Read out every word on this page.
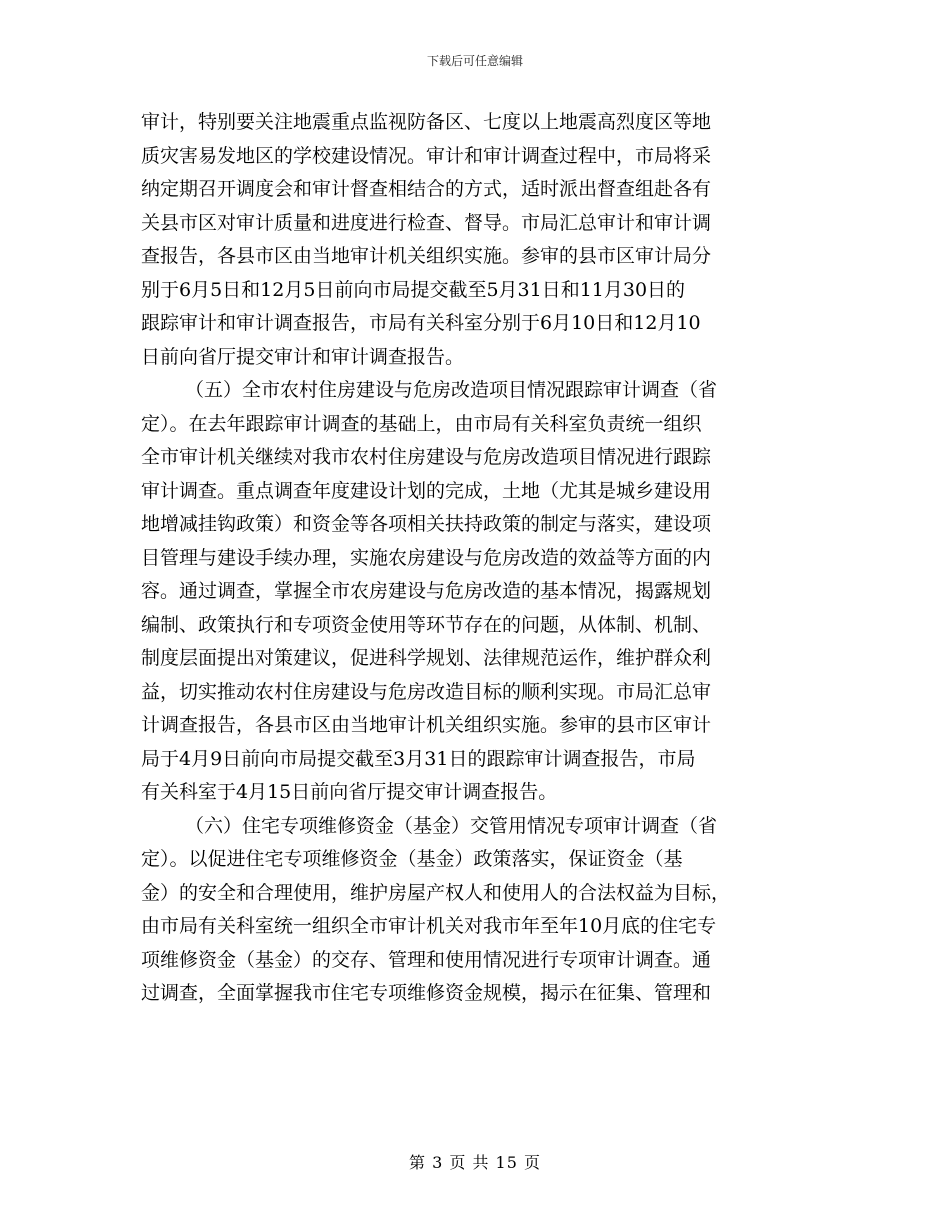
下载后可任意编辑
审计，特别要关注地震重点监视防备区、七度以上地震高烈度区等地
质灾害易发地区的学校建设情况。审计和审计调查过程中，市局将采
纳定期召开调度会和审计督查相结合的方式，适时派出督查组赴各有
关县市区对审计质量和进度进行检查、督导。市局汇总审计和审计调
查报告，各县市区由当地审计机关组织实施。参审的县市区审计局分
别于6月5日和12月5日前向市局提交截至5月31日和11月30日的
跟踪审计和审计调查报告，市局有关科室分别于6月10日和12月10
日前向省厅提交审计和审计调查报告。
（五）全市农村住房建设与危房改造项目情况跟踪审计调查（省
定）。在去年跟踪审计调查的基础上，由市局有关科室负责统一组织
全市审计机关继续对我市农村住房建设与危房改造项目情况进行跟踪
审计调查。重点调查年度建设计划的完成，土地（尤其是城乡建设用
地增减挂钩政策）和资金等各项相关扶持政策的制定与落实，建设项
目管理与建设手续办理，实施农房建设与危房改造的效益等方面的内
容。通过调查，掌握全市农房建设与危房改造的基本情况，揭露规划
编制、政策执行和专项资金使用等环节存在的问题，从体制、机制、
制度层面提出对策建议，促进科学规划、法律规范运作，维护群众利
益，切实推动农村住房建设与危房改造目标的顺利实现。市局汇总审
计调查报告，各县市区由当地审计机关组织实施。参审的县市区审计
局于4月9日前向市局提交截至3月31日的跟踪审计调查报告，市局
有关科室于4月15日前向省厅提交审计调查报告。
（六）住宅专项维修资金（基金）交管用情况专项审计调查（省
定）。以促进住宅专项维修资金（基金）政策落实，保证资金（基
金）的安全和合理使用，维护房屋产权人和使用人的合法权益为目标，
由市局有关科室统一组织全市审计机关对我市年至年10月底的住宅专
项维修资金（基金）的交存、管理和使用情况进行专项审计调查。通
过调查，全面掌握我市住宅专项维修资金规模，揭示在征集、管理和
第 3 页 共 15 页
